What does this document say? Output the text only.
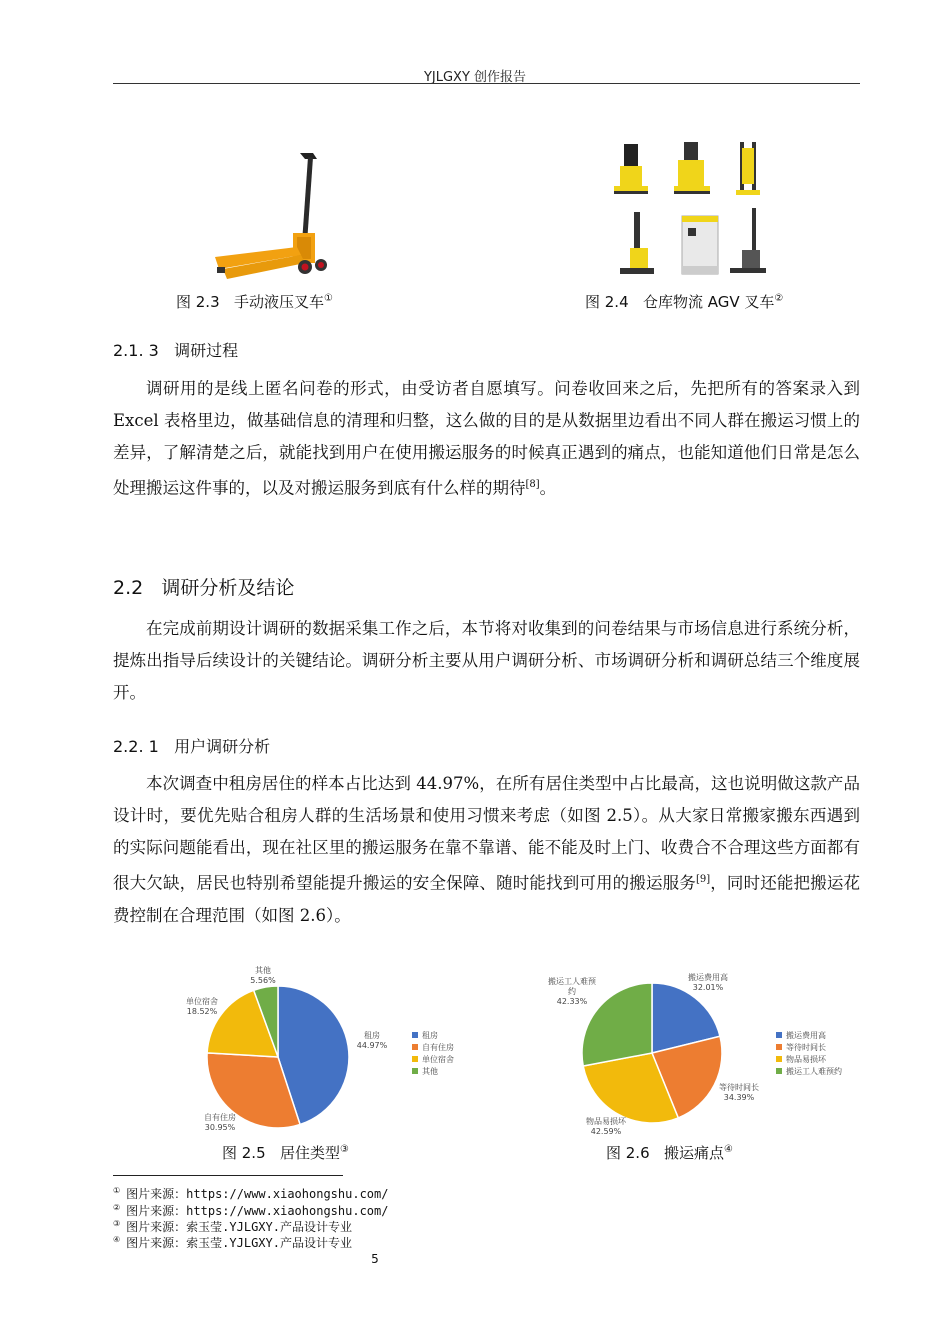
YJLGXY 创作报告
图 2.3 手动液压叉车①	图 2.4 仓库物流 AGV 叉车②
2.1. 3 调研过程

调研用的是线上匿名问卷的形式，由受访者自愿填写。问卷收回来之后，先把所有的答案录入到 Excel 表格里边，做基础信息的清理和归整，这么做的目的是从数据里边看出不同人群在搬运习惯上的差异，了解清楚之后，就能找到用户在使用搬运服务的时候真正遇到的痛点，也能知道他们日常是怎么处理搬运这件事的，以及对搬运服务到底有什么样的期待[8]。

2.2 调研分析及结论

在完成前期设计调研的数据采集工作之后，本节将对收集到的问卷结果与市场信息进行系统分析，提炼出指导后续设计的关键结论。调研分析主要从用户调研分析、市场调研分析和调研总结三个维度展开。

2.2. 1 用户调研分析

本次调查中租房居住的样本占比达到 44.97%，在所有居住类型中占比最高，这也说明做这款产品设计时，要优先贴合租房人群的生活场景和使用习惯来考虑（如图 2.5）。从大家日常搬家搬东西遇到的实际问题能看出，现在社区里的搬运服务在靠不靠谱、能不能及时上门、收费合不合理这些方面都有很大欠缺，居民也特别希望能提升搬运的安全保障、随时能找到可用的搬运服务[9]，同时还能把搬运花费控制在合理范围（如图 2.6）。

租房
44.97%
自有住房
30.95%
单位宿舍
18.52%
其他
5.56%
租房
自有住房
单位宿舍
其他
图 2.5 居住类型③
搬运费用高
32.01%
等待时间长
34.39%
物品易损坏
42.59%
搬运工人难预
约
42.33%
搬运费用高
等待时间长
物品易损坏
搬运工人难预约
图 2.6 搬运痛点④
① 图片来源：https://www.xiaohongshu.com/
② 图片来源：https://www.xiaohongshu.com/
③ 图片来源：索玉莹.YJLGXY.产品设计专业
④ 图片来源：索玉莹.YJLGXY.产品设计专业
5
